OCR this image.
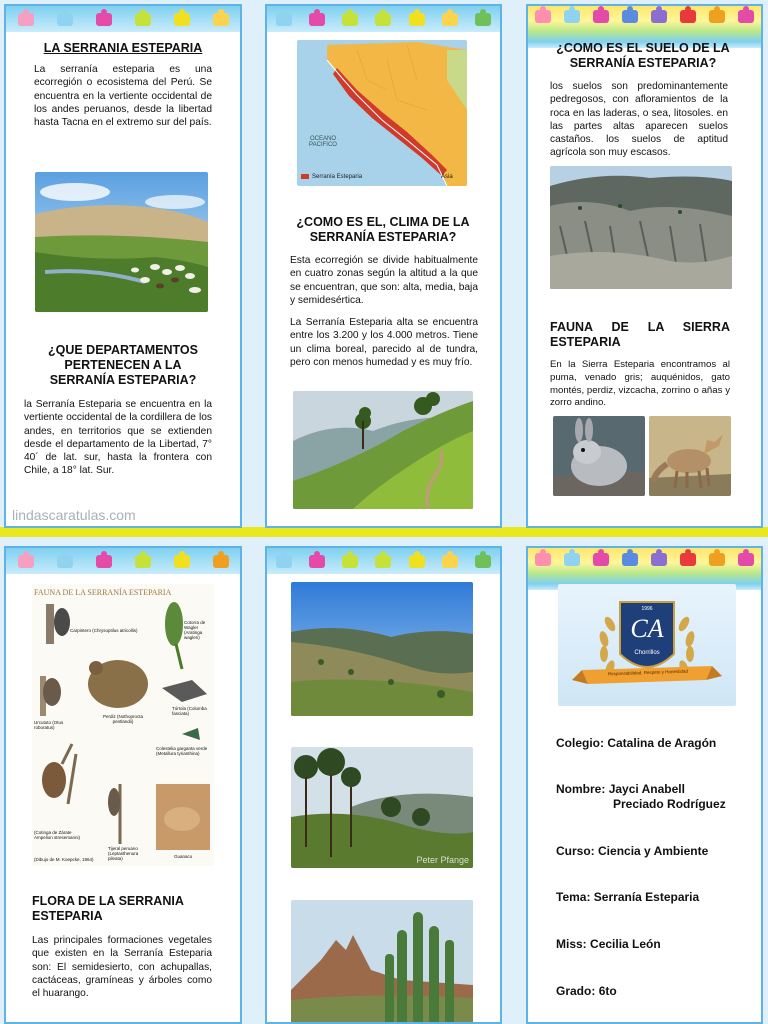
LA SERRANIA ESTEPARIA
La serranía esteparia es una ecorregión o ecosistema del Perú. Se encuentra en la vertiente occidental de los andes peruanos, desde la libertad hasta Tacna en el extremo sur del país.
¿QUE DEPARTAMENTOS PERTENECEN A LA SERRANÍA ESTEPARIA?
la Serranía Esteparia se encuentra en la vertiente occidental de la cordillera de los andes, en territorios que se extienden desde el departamento de la Libertad, 7° 40´ de lat. sur, hasta la frontera con Chile, a 18° lat. Sur.
lindascaratulas.com
OCEANO PACIFICO
Serranía Esteparia	Asia
¿COMO ES EL, CLIMA DE LA SERRANÍA ESTEPARIA?
Esta ecorregión se divide habitualmente en cuatro zonas según la altitud a la que se encuentran, que son: alta, media, baja y semidesértica.
La Serranía Esteparia alta se encuentra entre los 3.200 y los 4.000 metros. Tiene un clima boreal, parecido al de tundra, pero con menos humedad y es muy frío.
¿COMO ES EL SUELO DE LA SERRANÍA ESTEPARIA?
los suelos son predominantemente pedregosos, con afloramientos de la roca en las laderas, o sea, litosoles. en las partes altas aparecen suelos castaños. los suelos de aptitud agrícola son muy escasos.
FAUNA DE LA SIERRA ESTEPARIA
En la Sierra Esteparia encontramos al puma, venado gris; auquénidos, gato montés, perdiz, vizcacha, zorrino o añas y zorro andino.
FAUNA DE LA SERRANÍA ESTEPARIA
Carpintero (Chrysoptilus atricollis)
Cotorra de Wagler (Aratinga wagleri)
Urcututo (Otus roboratus)
Perdiz (Nothoprocta pentlandii)
Tórtola (Columba fasciata)
Colestelia garganta verde (Metallura tyrianthina)
(Cotinga de Zárate Ampelion stresemanni)
Tijeral peruano (Leptasthenura pileata)	Guanaco
(Dibujo de M. Koepcke, 1964)
FLORA DE LA SERRANIA ESTEPARIA
Las principales formaciones vegetales que existen en la Serranía Esteparia son: El semidesierto, con achupallas, cactáceas, gramíneas y árboles como el huarango.
Peter Pfange
1996
CA
Chorrillos
Responsabilidad, Respeto y Honestidad
Colegio: Catalina de Aragón
Nombre: Jayci Anabell
Preciado Rodríguez
Curso: Ciencia y Ambiente
Tema: Serranía Esteparia
Miss: Cecilia León
Grado: 6to
